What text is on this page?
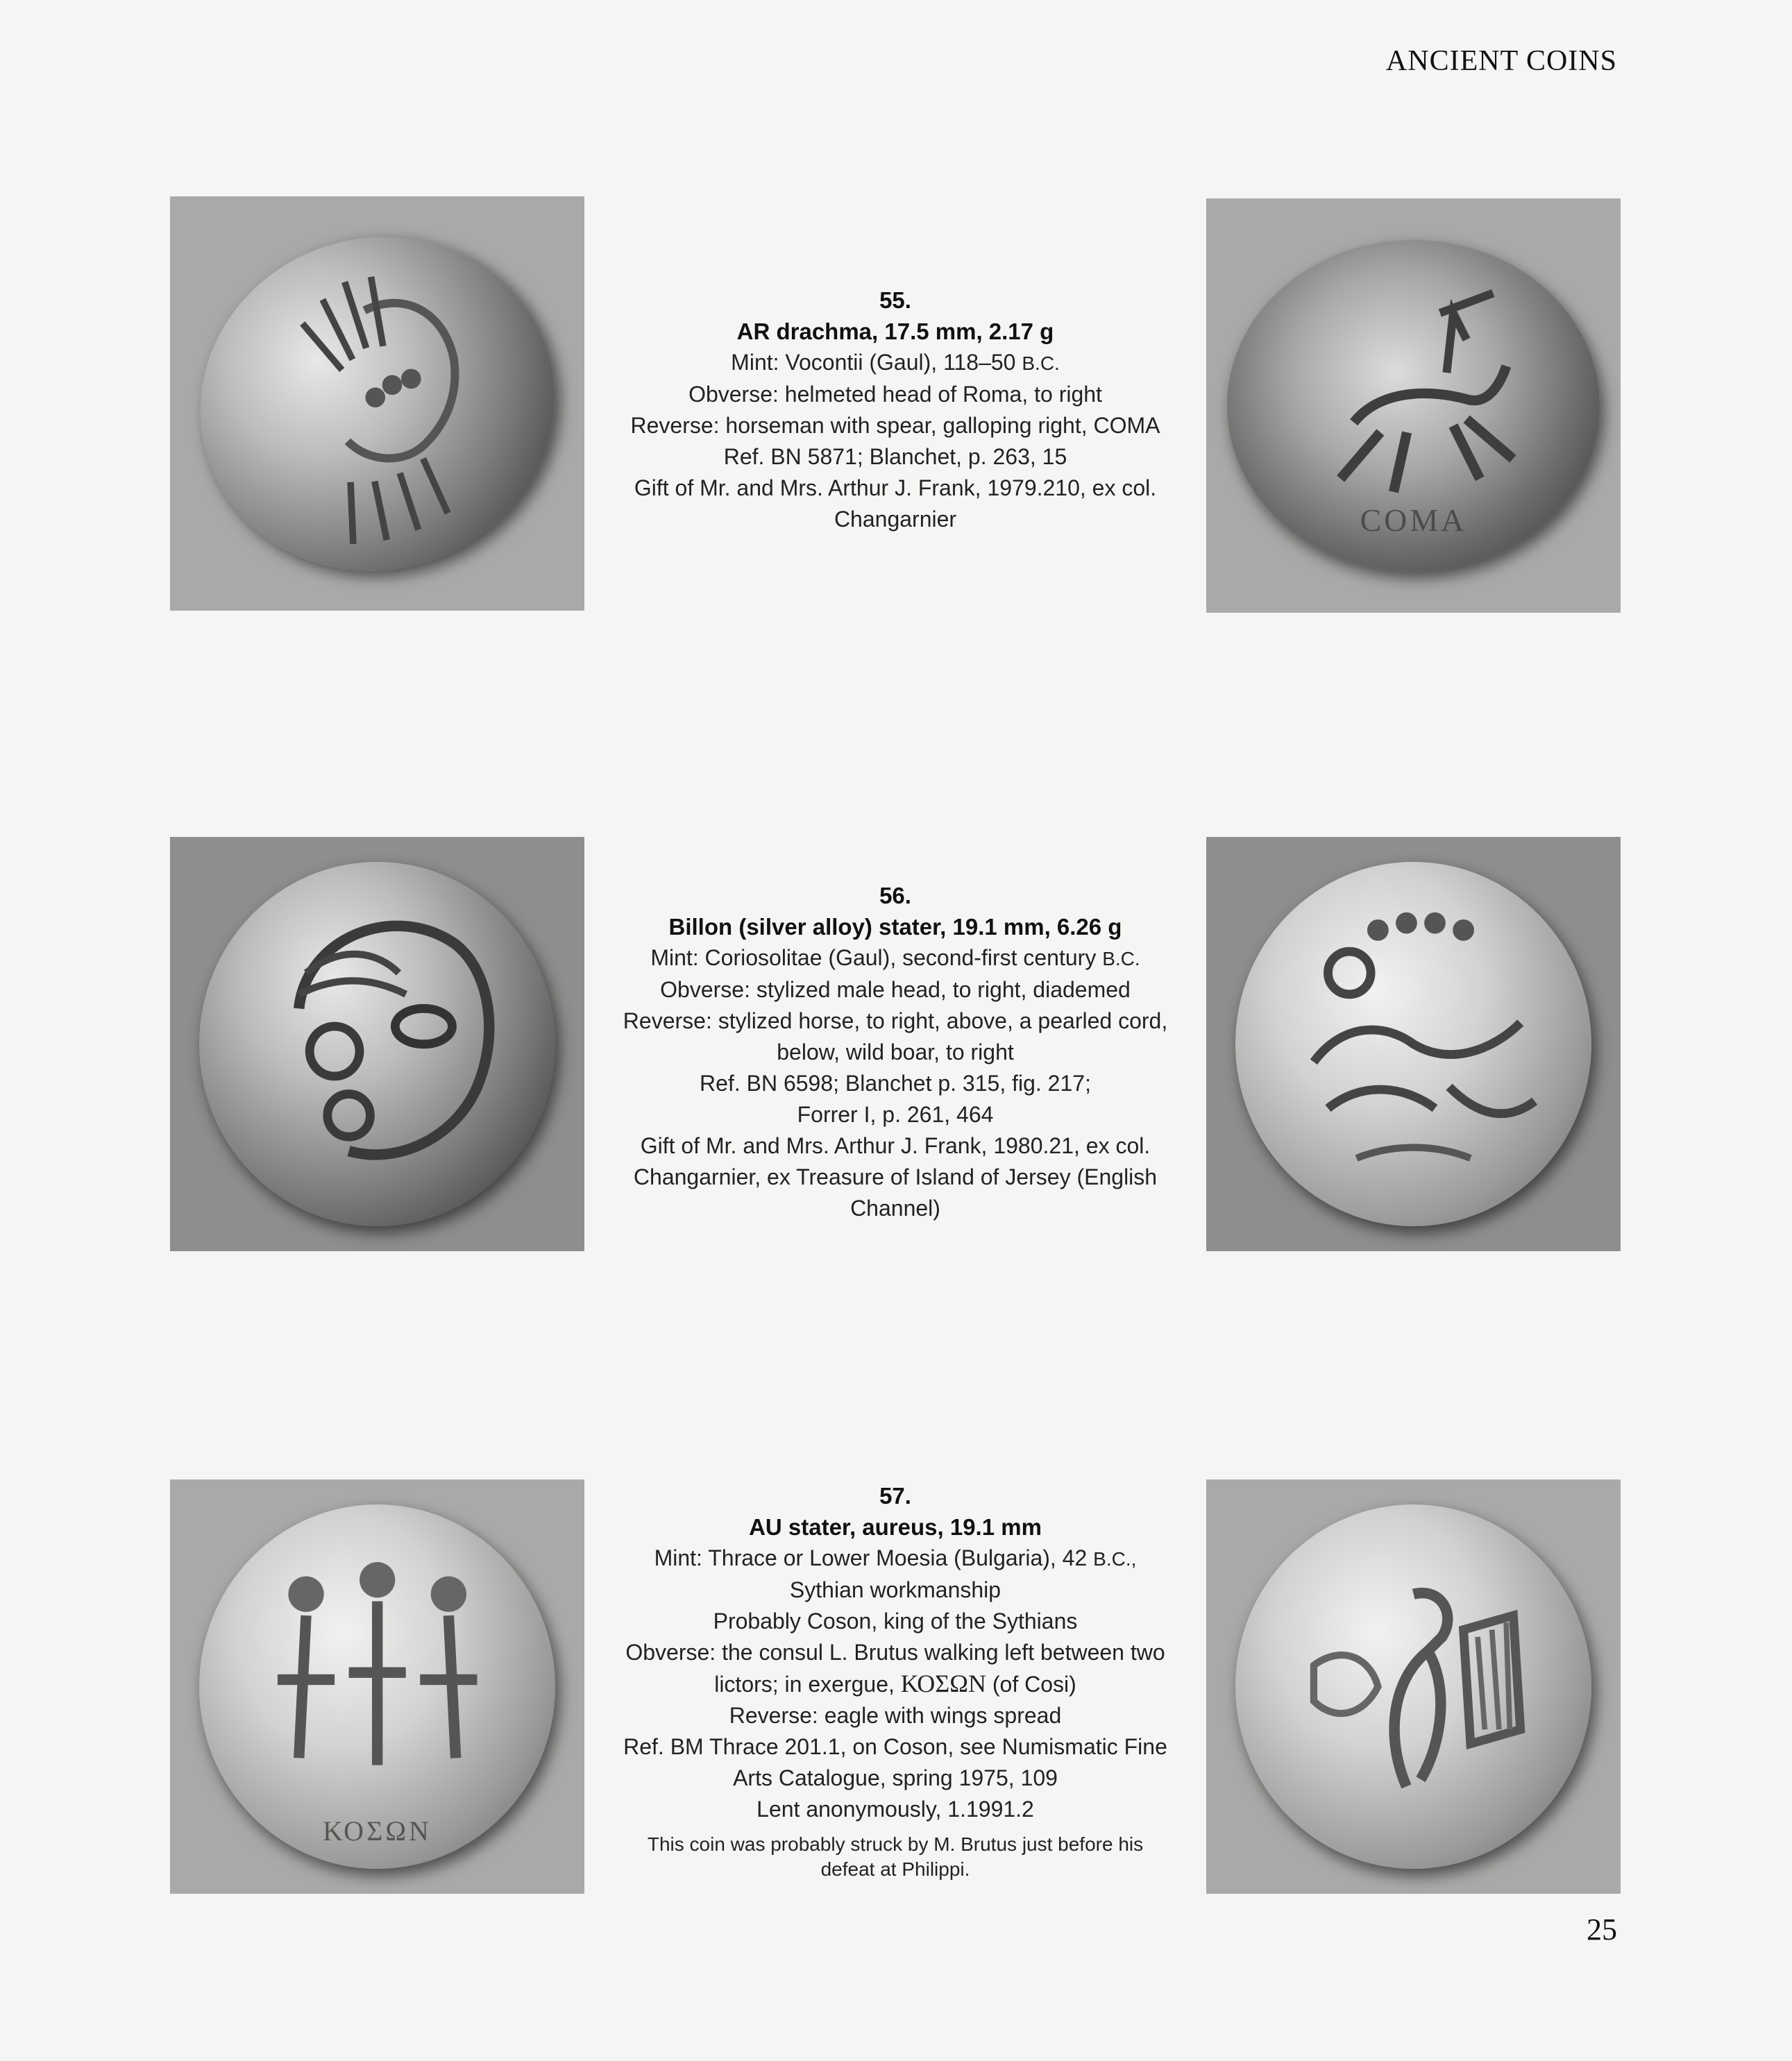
ANCIENT COINS
COMA
55.
AR drachma, 17.5 mm, 2.17 g
Mint: Vocontii (Gaul), 118–50 B.C.
Obverse: helmeted head of Roma, to right
Reverse: horseman with spear, galloping right, COMA
Ref. BN 5871; Blanchet, p. 263, 15
Gift of Mr. and Mrs. Arthur J. Frank, 1979.210, ex col.
Changarnier
56.
Billon (silver alloy) stater, 19.1 mm, 6.26 g
Mint: Coriosolitae (Gaul), second-first century B.C.
Obverse: stylized male head, to right, diademed
Reverse: stylized horse, to right, above, a pearled cord,
below, wild boar, to right
Ref. BN 6598; Blanchet p. 315, fig. 217;
Forrer I, p. 261, 464
Gift of Mr. and Mrs. Arthur J. Frank, 1980.21, ex col.
Changarnier, ex Treasure of Island of Jersey (English
Channel)
ΚΟΣΩΝ
57.
AU stater, aureus, 19.1 mm
Mint: Thrace or Lower Moesia (Bulgaria), 42 B.C.,
Sythian workmanship
Probably Coson, king of the Sythians
Obverse: the consul L. Brutus walking left between two
lictors; in exergue, ΚΟΣΩΝ (of Cosi)
Reverse: eagle with wings spread
Ref. BM Thrace 201.1, on Coson, see Numismatic Fine
Arts Catalogue, spring 1975, 109
Lent anonymously, 1.1991.2
This coin was probably struck by M. Brutus just before his
defeat at Philippi.
25
